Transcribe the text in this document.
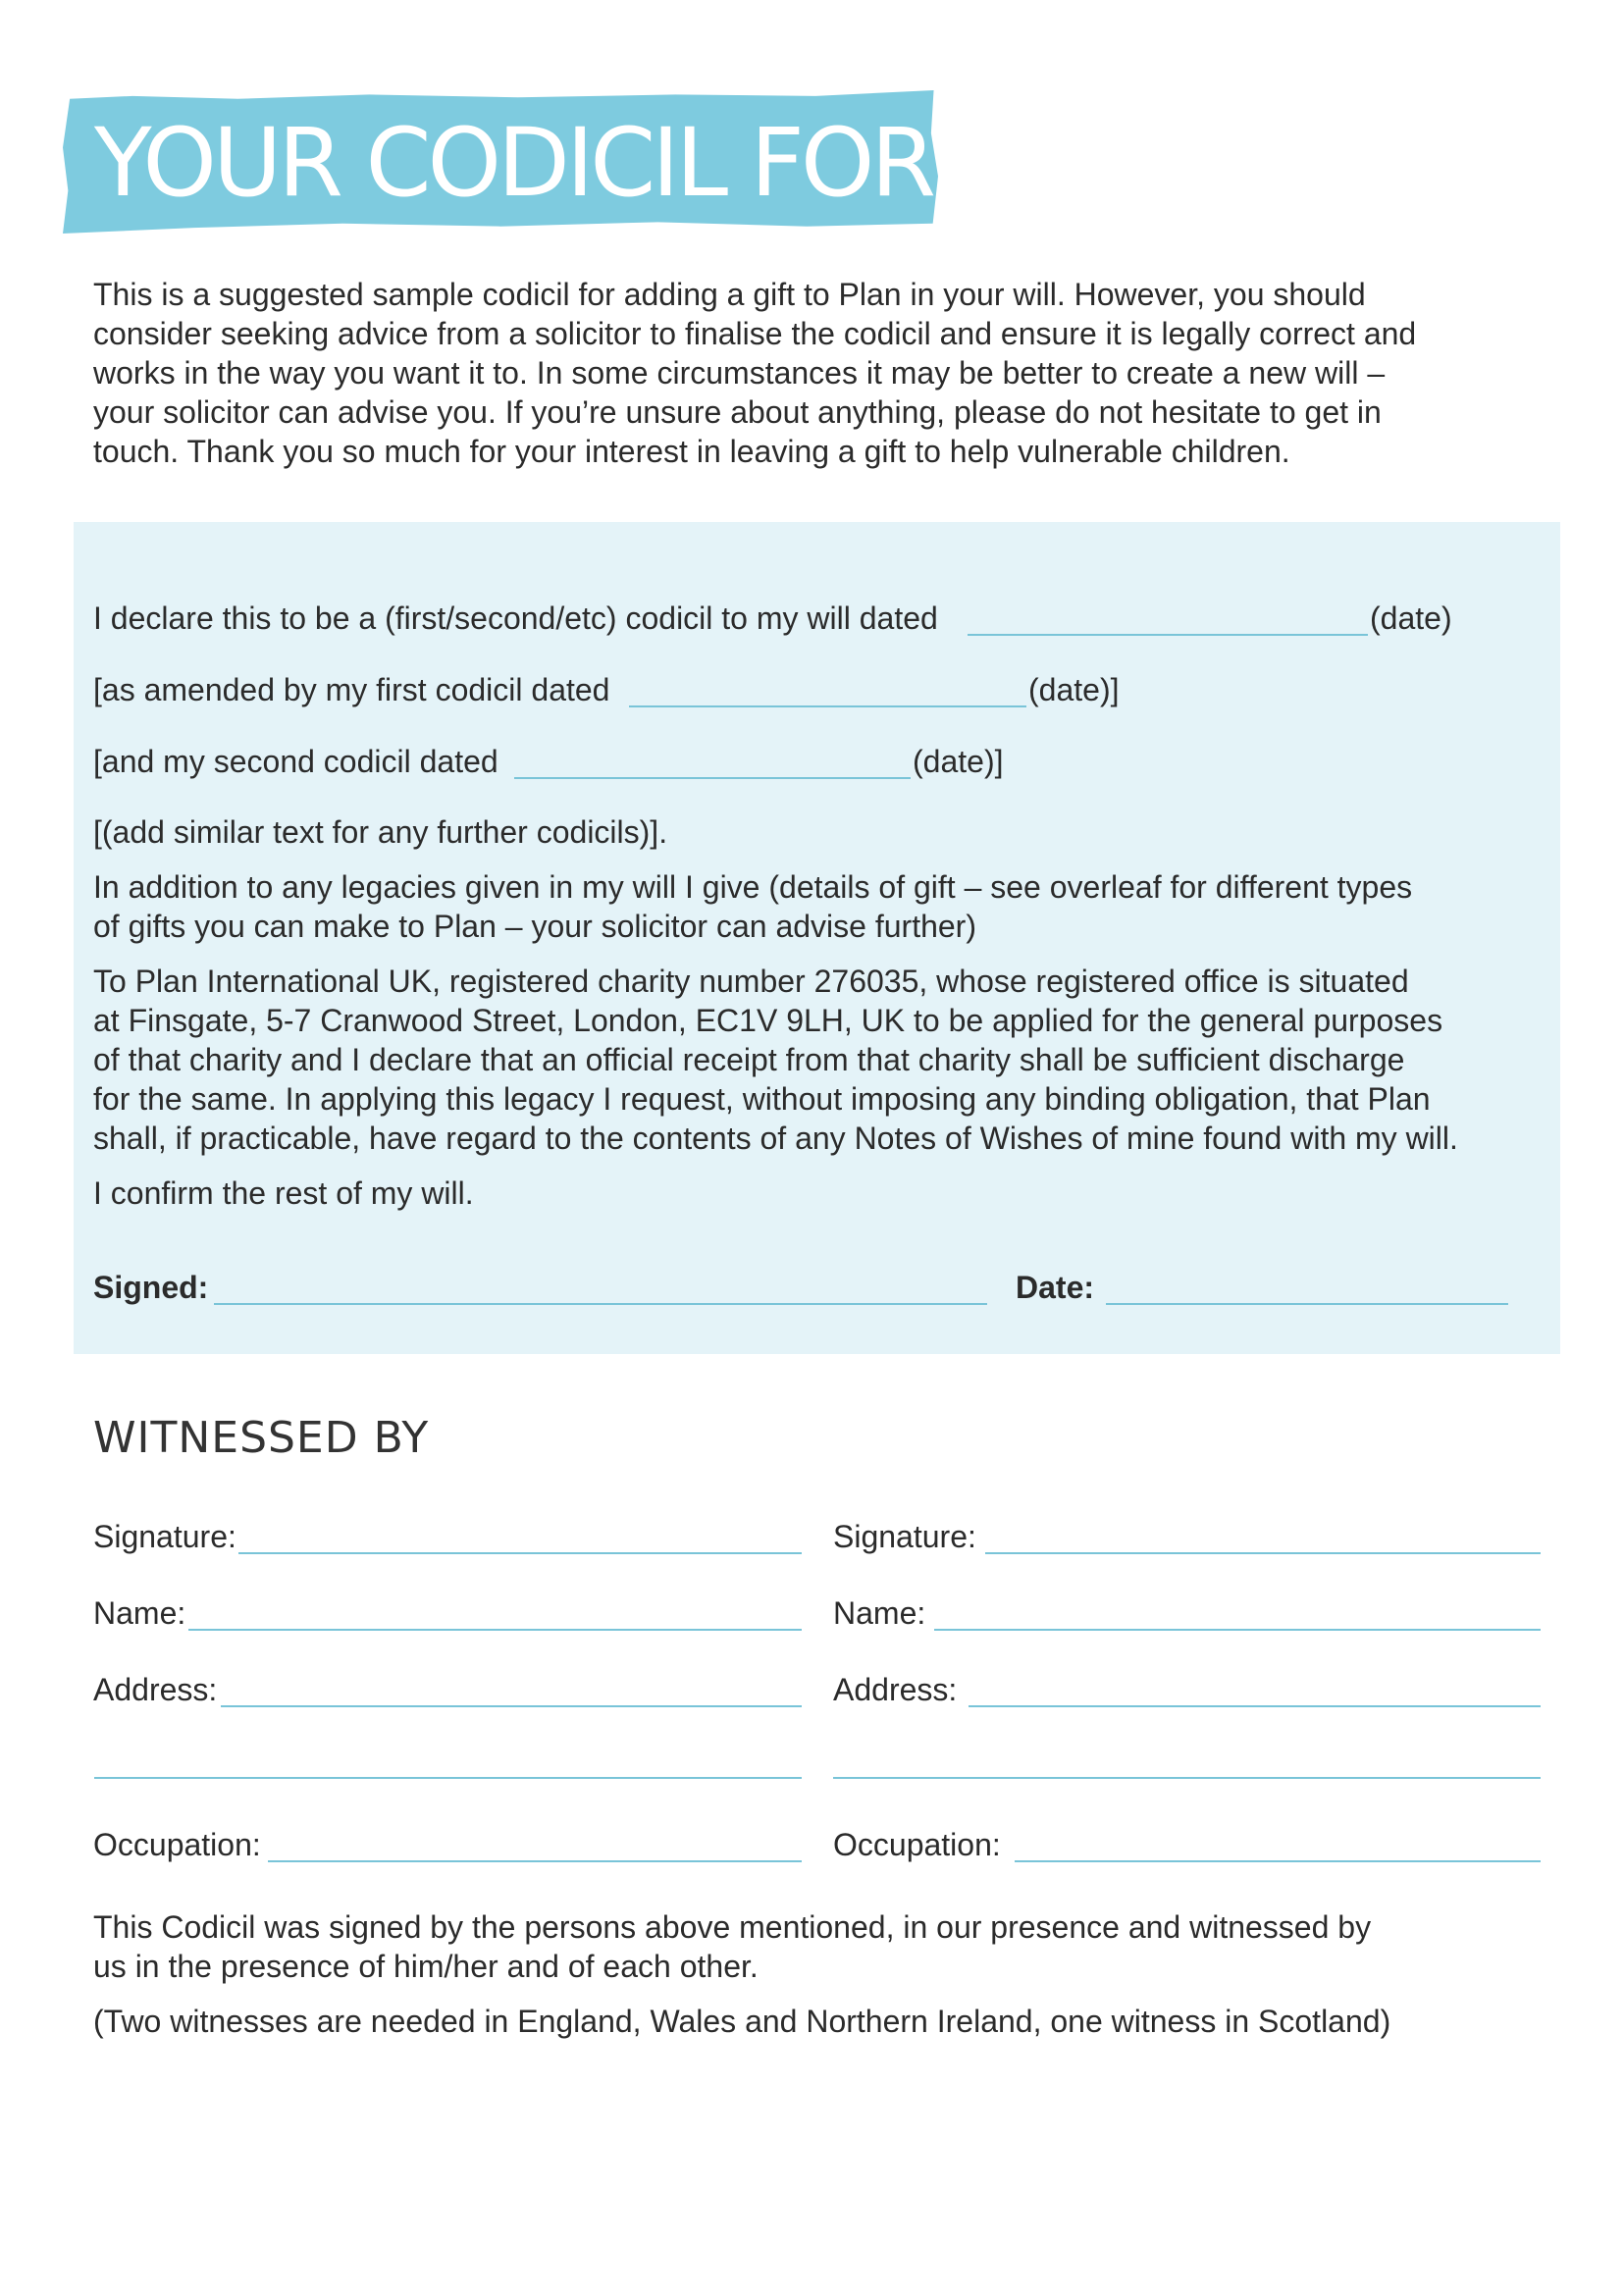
YOUR CODICIL FORM

This is a suggested sample codicil for adding a gift to Plan in your will. However, you should
consider seeking advice from a solicitor to finalise the codicil and ensure it is legally correct and
works in the way you want it to. In some circumstances it may be better to create a new will –
your solicitor can advise you. If you’re unsure about anything, please do not hesitate to get in
touch. Thank you so much for your interest in leaving a gift to help vulnerable children.

I declare this to be a (first/second/etc) codicil to my will dated	(date)
[as amended by my first codicil dated	(date)]
[and my second codicil dated	(date)]
[(add similar text for any further codicils)].

In addition to any legacies given in my will I give (details of gift – see overleaf for different types
of gifts you can make to Plan – your solicitor can advise further)

To Plan International UK, registered charity number 276035, whose registered office is situated
at Finsgate, 5-7 Cranwood Street, London, EC1V 9LH, UK to be applied for the general purposes
of that charity and I declare that an official receipt from that charity shall be sufficient discharge
for the same. In applying this legacy I request, without imposing any binding obligation, that Plan
shall, if practicable, have regard to the contents of any Notes of Wishes of mine found with my will.

I confirm the rest of my will.
Signed:	Date:
WITNESSED BY
Signature:
Name:
Address:
Occupation:
Signature:
Name:
Address:
Occupation:

This Codicil was signed by the persons above mentioned, in our presence and witnessed by
us in the presence of him/her and of each other.

(Two witnesses are needed in England, Wales and Northern Ireland, one witness in Scotland)
